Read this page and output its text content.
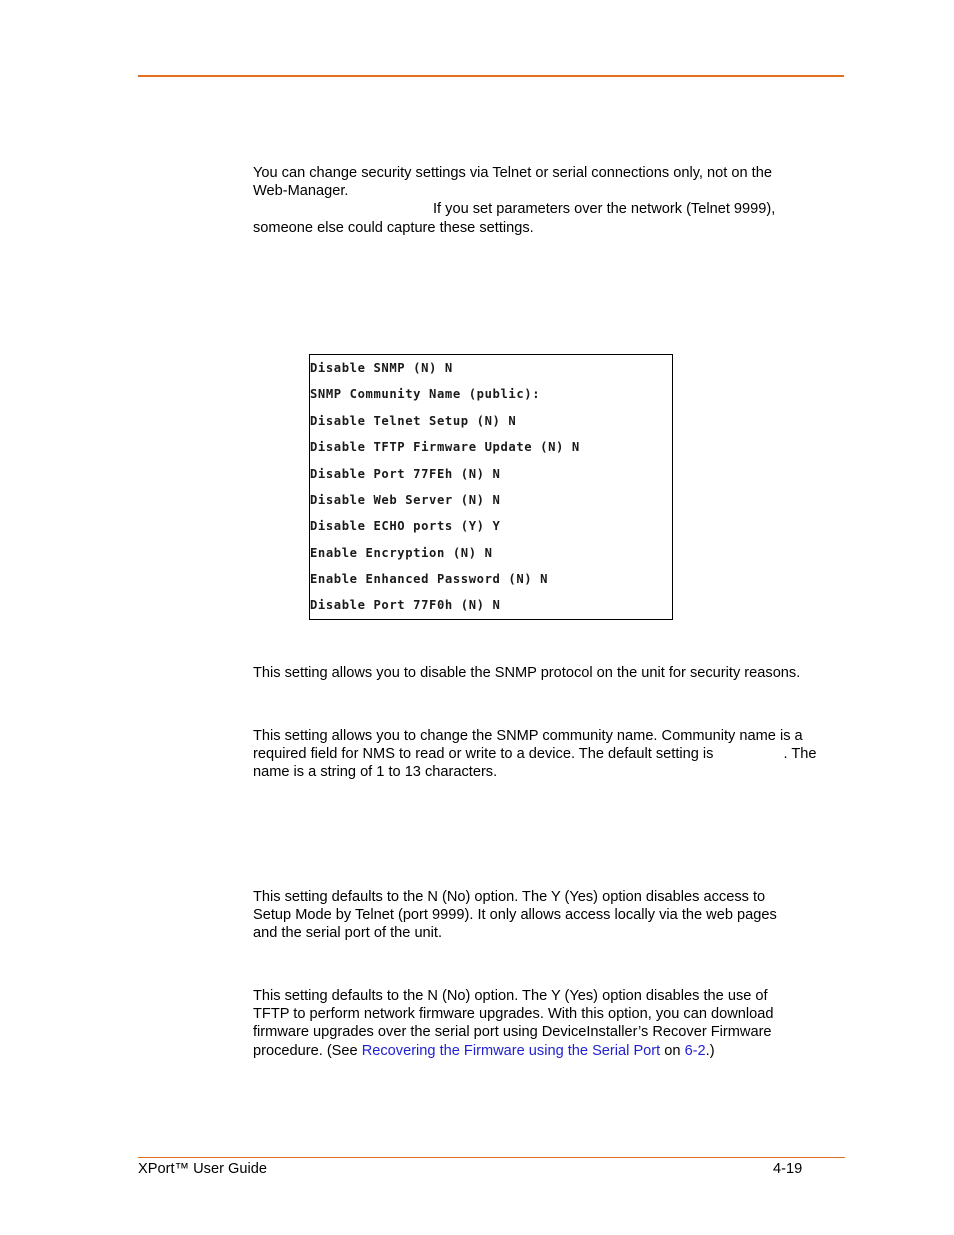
You can change security settings via Telnet or serial connections only, not on the
Web-Manager.
If you set parameters over the network (Telnet 9999),
someone else could capture these settings.
Disable SNMP (N) N
SNMP Community Name (public):
Disable Telnet Setup (N) N
Disable TFTP Firmware Update (N) N
Disable Port 77FEh (N) N
Disable Web Server (N) N
Disable ECHO ports (Y) Y
Enable Encryption (N) N
Enable Enhanced Password (N) N
Disable Port 77F0h (N) N
This setting allows you to disable the SNMP protocol on the unit for security reasons.
This setting allows you to change the SNMP community name. Community name is a
required field for NMS to read or write to a device. The default setting is	. The
name is a string of 1 to 13 characters.
This setting defaults to the N (No) option. The Y (Yes) option disables access to
Setup Mode by Telnet (port 9999). It only allows access locally via the web pages
and the serial port of the unit.
This setting defaults to the N (No) option. The Y (Yes) option disables the use of
TFTP to perform network firmware upgrades. With this option, you can download
firmware upgrades over the serial port using DeviceInstaller’s Recover Firmware
procedure. (See Recovering the Firmware using the Serial Port on 6-2.)
XPort™ User Guide	4-19
